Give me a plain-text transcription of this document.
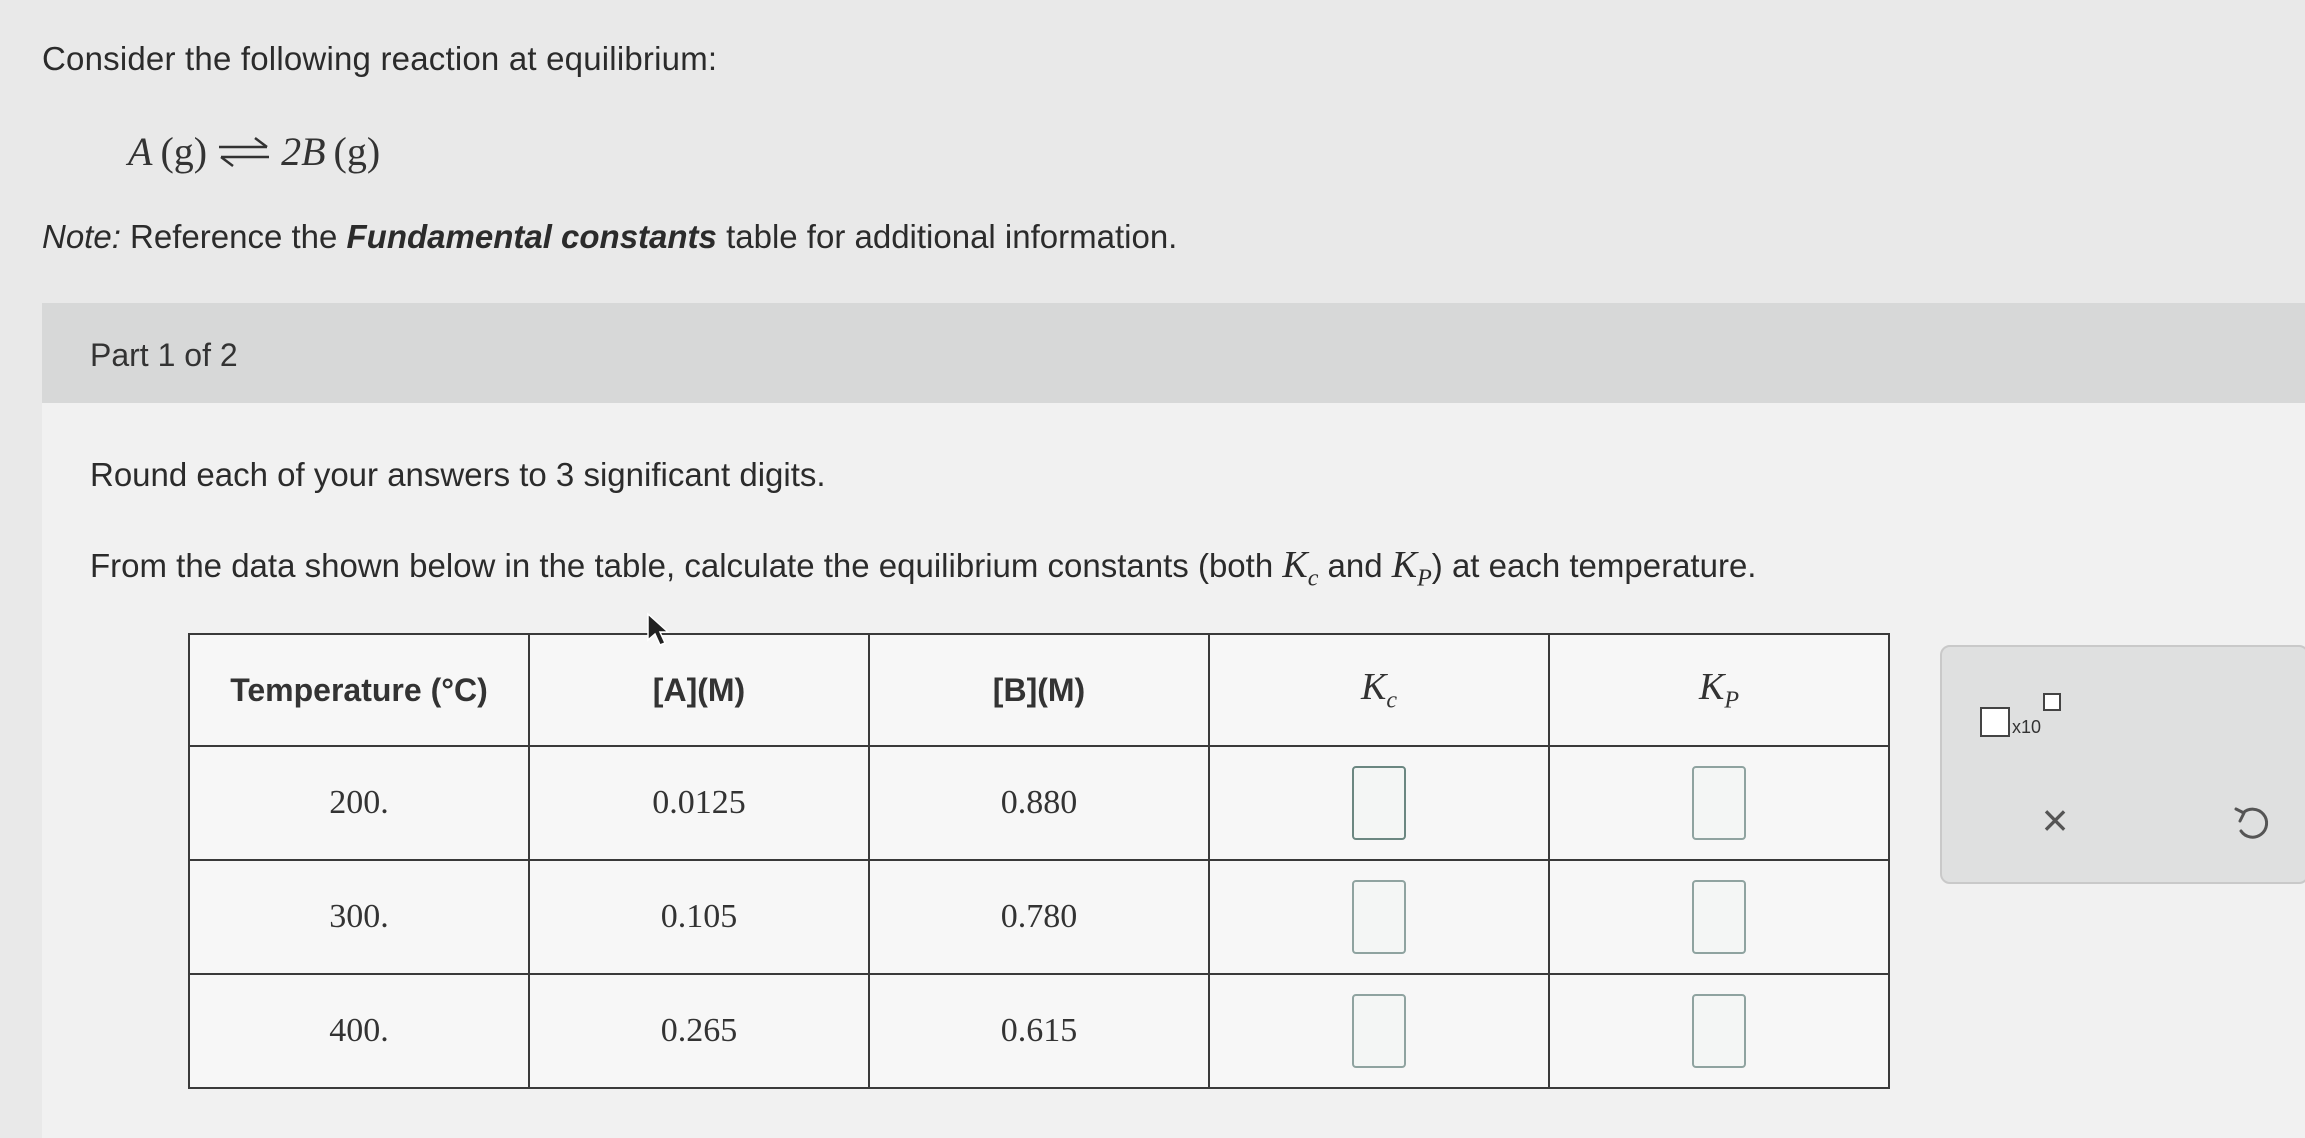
Consider the following reaction at equilibrium:
A (g) ⇌ 2B (g)
Note: Reference the Fundamental constants table for additional information.
Part 1 of 2
Round each of your answers to 3 significant digits.
From the data shown below in the table, calculate the equilibrium constants (both $K_c$ and $K_P$) at each temperature.
Temperature (°C)	[A](M)	[B](M)	$K_c$	$K_P$
200.	0.0125	0.880		
300.	0.105	0.780		
400.	0.265	0.615		
x10
×
